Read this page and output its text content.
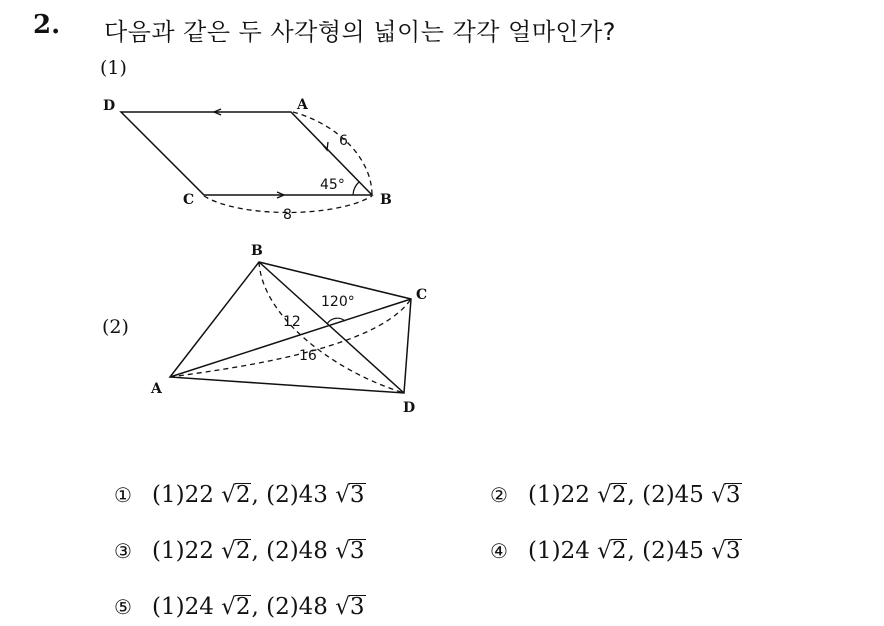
2. 다음과 같은 두 사각형의 넓이는 각각 얼마인가?
(1)
(2)
D	A
C	B
6
8
45°
B
C
A
D
12
16
120°
① (1)22 √2, (2)43 √3	② (1)22 √2, (2)45 √3
③ (1)22 √2, (2)48 √3	④ (1)24 √2, (2)45 √3
⑤ (1)24 √2, (2)48 √3
